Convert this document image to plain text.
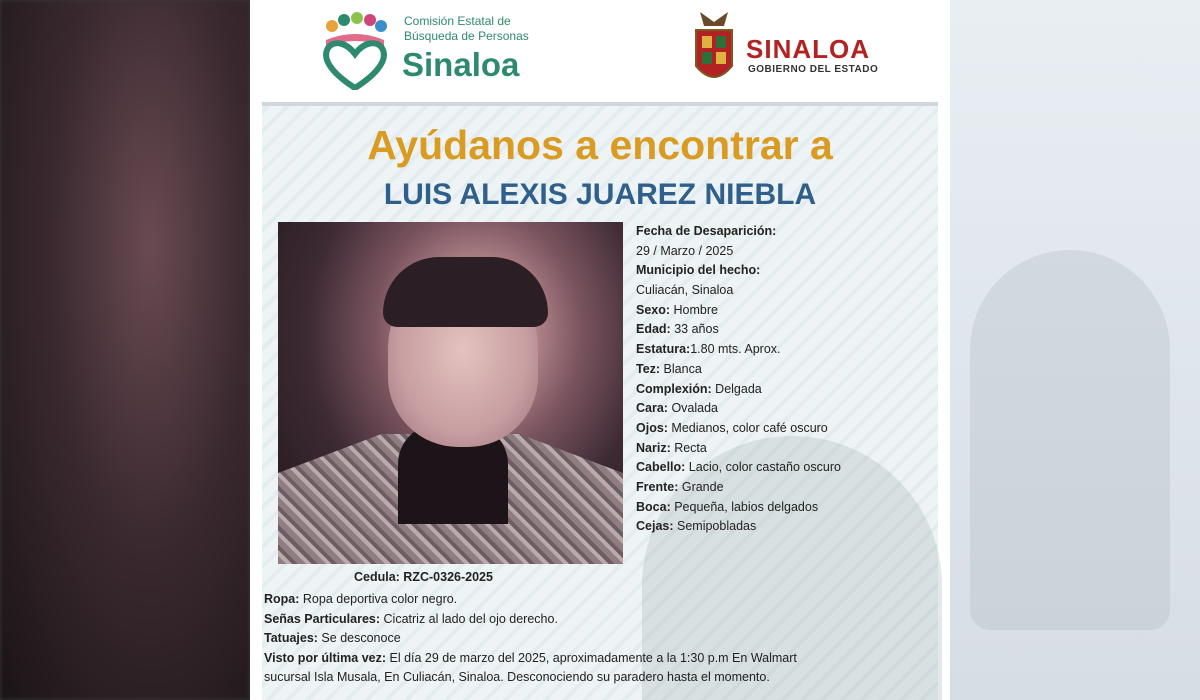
Comisión Estatal de
Búsqueda de Personas
Sinaloa	SINALOA
GOBIERNO DEL ESTADO
Ayúdanos a encontrar a
LUIS ALEXIS JUAREZ NIEBLA
Fecha de Desaparición:
29 / Marzo / 2025
Municipio del hecho:
Culiacán, Sinaloa
Sexo: Hombre
Edad: 33 años
Estatura:1.80 mts. Aprox.
Tez: Blanca
Complexión: Delgada
Cara: Ovalada
Ojos: Medianos, color café oscuro
Nariz: Recta
Cabello: Lacio, color castaño oscuro
Frente: Grande
Boca: Pequeña, labios delgados
Cejas: Semipobladas
Cedula: RZC-0326-2025
Ropa: Ropa deportiva color negro.
Señas Particulares: Cicatriz al lado del ojo derecho.
Tatuajes: Se desconoce
Visto por última vez: El día 29 de marzo del 2025, aproximadamente a la 1:30 p.m En Walmart
sucursal Isla Musala, En Culiacán, Sinaloa. Desconociendo su paradero hasta el momento.
